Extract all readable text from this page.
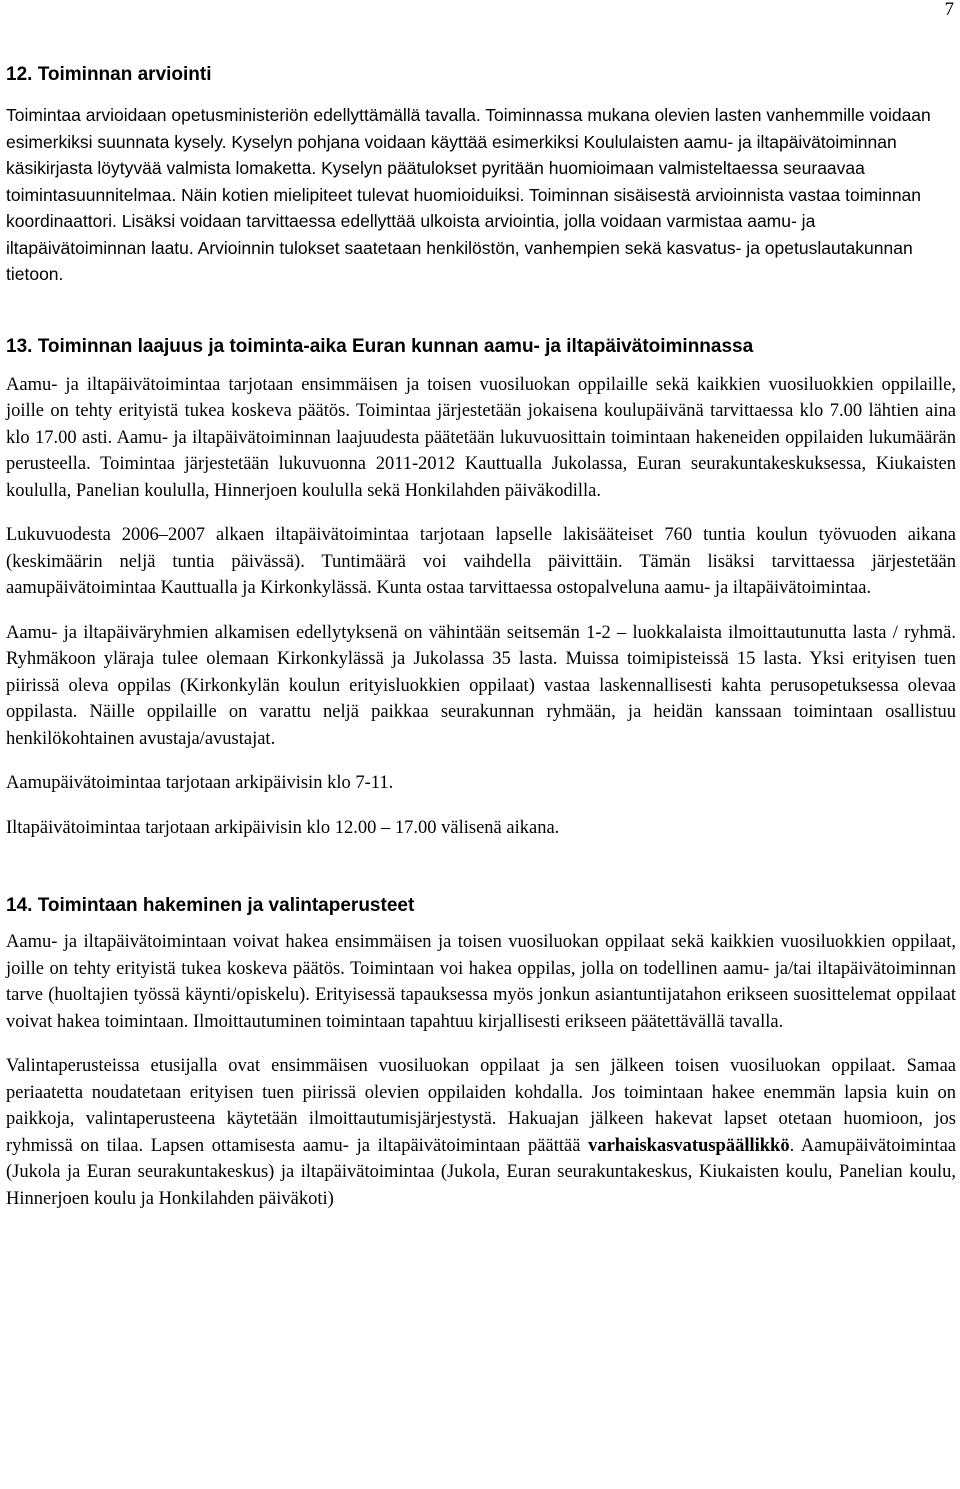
7
12. Toiminnan arviointi

Toimintaa arvioidaan opetusministeriön edellyttämällä tavalla. Toiminnassa mukana olevien lasten vanhemmille voidaan esimerkiksi suunnata kysely. Kyselyn pohjana voidaan käyttää esimerkiksi Koululaisten aamu- ja iltapäivätoiminnan käsikirjasta löytyvää valmista lomaketta. Kyselyn päätulokset pyritään huomioimaan valmisteltaessa seuraavaa toimintasuunnitelmaa. Näin kotien mielipiteet tulevat huomioiduiksi. Toiminnan sisäisestä arvioinnista vastaa toiminnan koordinaattori. Lisäksi voidaan tarvittaessa edellyttää ulkoista arviointia, jolla voidaan varmistaa aamu- ja iltapäivätoiminnan laatu. Arvioinnin tulokset saatetaan henkilöstön, vanhempien sekä kasvatus- ja opetuslautakunnan tietoon.

13. Toiminnan laajuus ja toiminta-aika Euran kunnan aamu- ja iltapäivätoiminnassa

Aamu- ja iltapäivätoimintaa tarjotaan ensimmäisen ja toisen vuosiluokan oppilaille sekä kaikkien vuosiluokkien oppilaille, joille on tehty erityistä tukea koskeva päätös. Toimintaa järjestetään jokaisena koulupäivänä tarvittaessa klo 7.00 lähtien aina klo 17.00 asti. Aamu- ja iltapäivätoiminnan laajuudesta päätetään lukuvuosittain toimintaan hakeneiden oppilaiden lukumäärän perusteella. Toimintaa järjestetään lukuvuonna 2011-2012 Kauttualla Jukolassa, Euran seurakuntakeskuksessa, Kiukaisten koululla, Panelian koululla, Hinnerjoen koululla sekä Honkilahden päiväkodilla.

Lukuvuodesta 2006–2007 alkaen iltapäivätoimintaa tarjotaan lapselle lakisääteiset 760 tuntia koulun työvuoden aikana (keskimäärin neljä tuntia päivässä). Tuntimäärä voi vaihdella päivittäin. Tämän lisäksi tarvittaessa järjestetään aamupäivätoimintaa Kauttualla ja Kirkonkylässä. Kunta ostaa tarvittaessa ostopalveluna aamu- ja iltapäivätoimintaa.

Aamu- ja iltapäiväryhmien alkamisen edellytyksenä on vähintään seitsemän 1-2 – luokkalaista ilmoittautunutta lasta / ryhmä. Ryhmäkoon yläraja tulee olemaan Kirkonkylässä ja Jukolassa 35 lasta. Muissa toimipisteissä 15 lasta. Yksi erityisen tuen piirissä oleva oppilas (Kirkonkylän koulun erityisluokkien oppilaat) vastaa laskennallisesti kahta perusopetuksessa olevaa oppilasta. Näille oppilaille on varattu neljä paikkaa seurakunnan ryhmään, ja heidän kanssaan toimintaan osallistuu henkilökohtainen avustaja/avustajat.

Aamupäivätoimintaa tarjotaan arkipäivisin klo 7-11.

Iltapäivätoimintaa tarjotaan arkipäivisin klo 12.00 – 17.00 välisenä aikana.

14. Toimintaan hakeminen ja valintaperusteet

Aamu- ja iltapäivätoimintaan voivat hakea ensimmäisen ja toisen vuosiluokan oppilaat sekä kaikkien vuosiluokkien oppilaat, joille on tehty erityistä tukea koskeva päätös. Toimintaan voi hakea oppilas, jolla on todellinen aamu- ja/tai iltapäivätoiminnan tarve (huoltajien työssä käynti/opiskelu). Erityisessä tapauksessa myös jonkun asiantuntijatahon erikseen suosittelemat oppilaat voivat hakea toimintaan. Ilmoittautuminen toimintaan tapahtuu kirjallisesti erikseen päätettävällä tavalla.

Valintaperusteissa etusijalla ovat ensimmäisen vuosiluokan oppilaat ja sen jälkeen toisen vuosiluokan oppilaat. Samaa periaatetta noudatetaan erityisen tuen piirissä olevien oppilaiden kohdalla. Jos toimintaan hakee enemmän lapsia kuin on paikkoja, valintaperusteena käytetään ilmoittautumisjärjestystä. Hakuajan jälkeen hakevat lapset otetaan huomioon, jos ryhmissä on tilaa. Lapsen ottamisesta aamu- ja iltapäivätoimintaan päättää varhaiskasvatuspäällikkö. Aamupäivätoimintaa (Jukola ja Euran seurakuntakeskus) ja iltapäivätoimintaa (Jukola, Euran seurakuntakeskus, Kiukaisten koulu, Panelian koulu, Hinnerjoen koulu ja Honkilahden päiväkoti)
